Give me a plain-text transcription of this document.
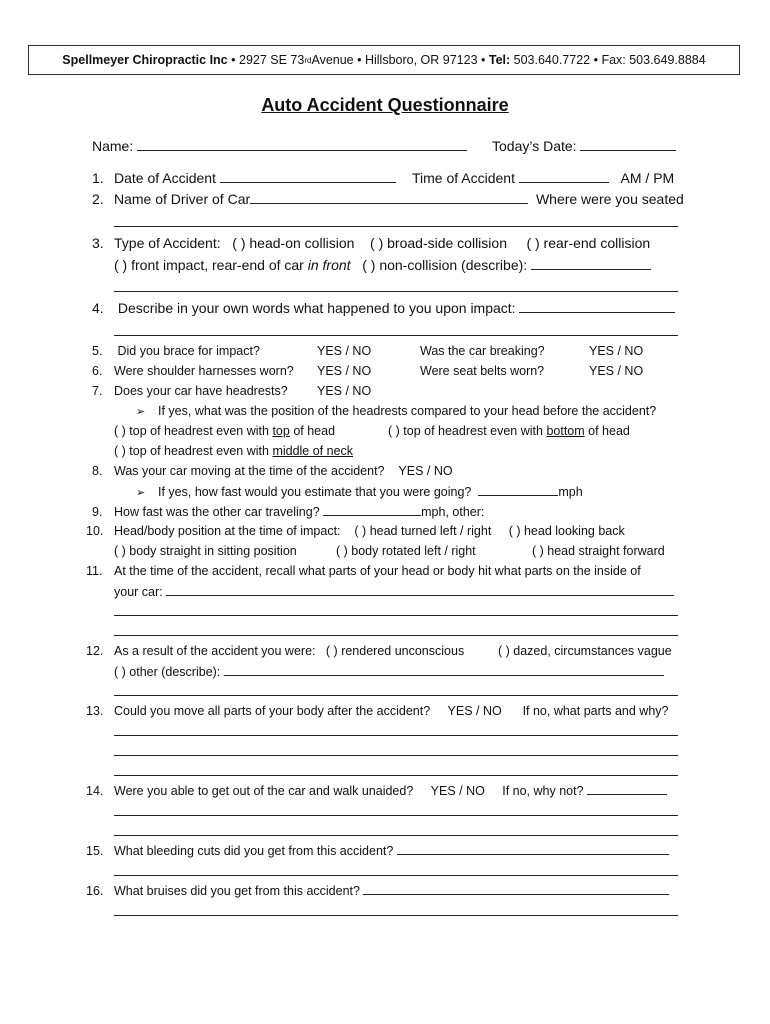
Spellmeyer Chiropractic Inc
•
2927 SE 73 rd Avenue • Hillsboro, OR 97123 •
Tel:
503.640.7722
• Fax: 503.649.8884
Auto Accident Questionnaire
Name:	Today’s Date:
1. Date of Accident	Time of Accident	AM / PM
2. Name of Driver of Car	Where were you seated
3. Type of Accident: ( ) head-on collision ( ) broad-side collision ( ) rear-end collision
( ) front impact, rear-end of car in front ( ) non-collision (describe):
4. Describe in your own words what happened to you upon impact:
5. Did you brace for impact?	YES / NO	Was the car breaking?	YES / NO
6. Were shoulder harnesses worn? YES / NO	Were seat belts worn?	YES / NO
7. Does your car have headrests? YES / NO
➢ If yes, what was the position of the headrests compared to your head before the accident?
( ) top of headrest even with top of head	( ) top of headrest even with bottom of head
( ) top of headrest even with middle of neck
8. Was your car moving at the time of the accident? YES / NO
➢ If yes, how fast would you estimate that you were going?	mph
9. How fast was the other car traveling?	mph, other:
10. Head/body position at the time of impact: ( ) head turned left / right ( ) head looking back
( ) body straight in sitting position	( ) body rotated left / right	( ) head straight forward
11. At the time of the accident, recall what parts of your head or body hit what parts on the inside of
your car:
12. As a result of the accident you were: ( ) rendered unconscious	( ) dazed, circumstances vague
( ) other (describe):
13. Could you move all parts of your body after the accident? YES / NO If no, what parts and why?
14. Were you able to get out of the car and walk unaided? YES / NO If no, why not?
15. What bleeding cuts did you get from this accident?
16. What bruises did you get from this accident?
